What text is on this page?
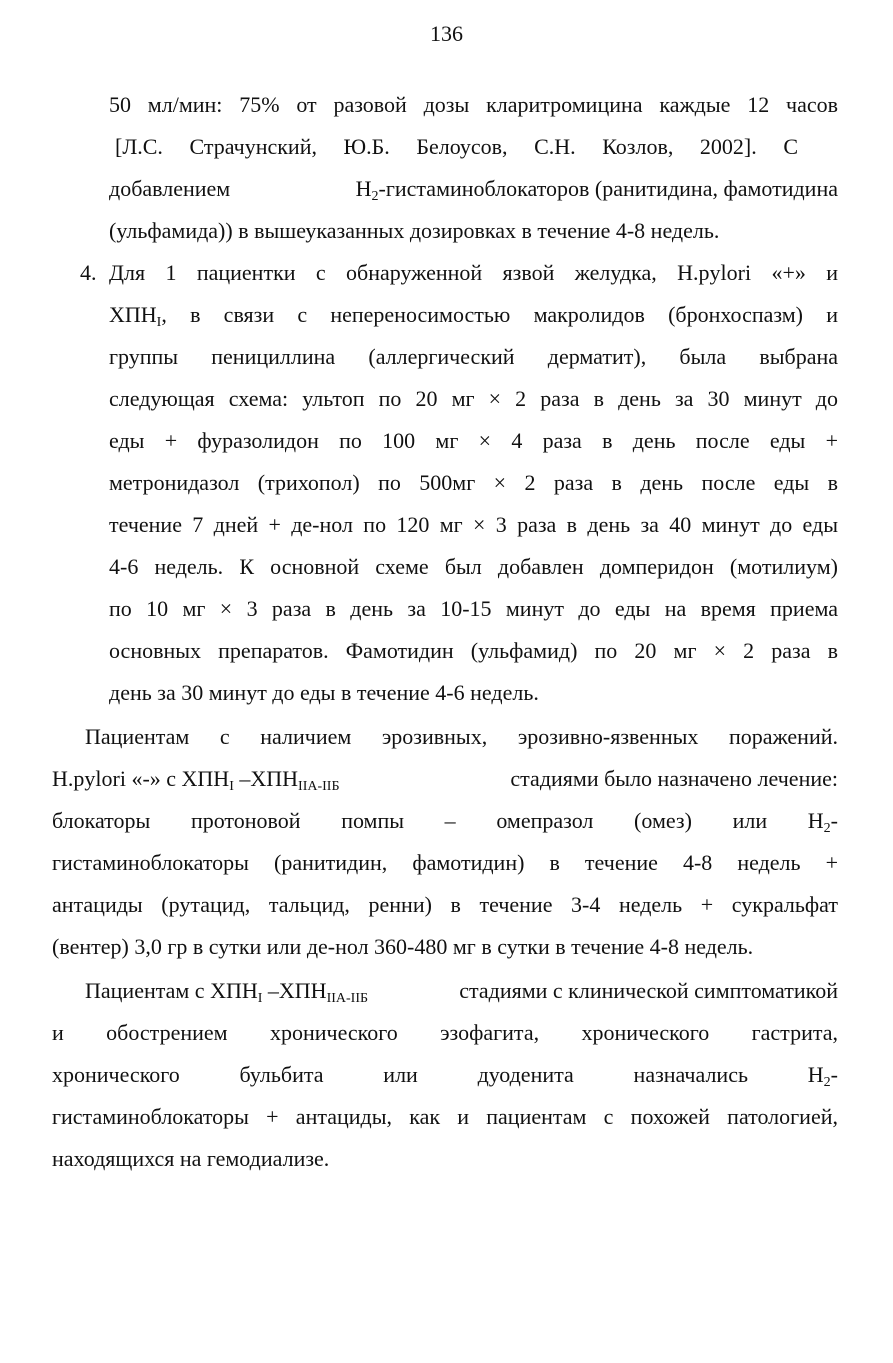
136
50 мл/мин: 75% от разовой дозы кларитромицина каждые 12 часов
[Л.С. Страчунский, Ю.Б. Белоусов, С.Н. Козлов, 2002]. С
добавлением	$H_2$-гистаминоблокаторов (ранитидина, фамотидина
(ульфамида)) в вышеуказанных дозировках в течение 4-8 недель.
4. Для 1 пациентки с обнаруженной язвой желудка, H.pylori «+» и
$ХПН_I$, в связи с непереносимостью макролидов (бронхоспазм) и
группы пенициллина (аллергический дерматит), была выбрана
следующая схема: ультоп по 20 мг × 2 раза в день за 30 минут до
еды + фуразолидон по 100 мг × 4 раза в день после еды +
метронидазол (трихопол) по 500мг × 2 раза в день после еды в
течение 7 дней + де-нол по 120 мг × 3 раза в день за 40 минут до еды
4-6 недель. К основной схеме был добавлен домперидон (мотилиум)
по 10 мг × 3 раза в день за 10-15 минут до еды на время приема
основных препаратов. Фамотидин (ульфамид) по 20 мг × 2 раза в
день за 30 минут до еды в течение 4-6 недель.
Пациентам с наличием эрозивных, эрозивно-язвенных поражений.
H.pylori «-» с $ХПН_I$ $-ХПН_{IIА-IIБ}$	стадиями было назначено лечение:
блокаторы протоновой помпы – омепразол (омез) или $H_2-$
гистаминоблокаторы (ранитидин, фамотидин) в течение 4-8 недель +
антациды (рутацид, тальцид, ренни) в течение 3-4 недель + сукральфат
(вентер) 3,0 гр в сутки или де-нол 360-480 мг в сутки в течение 4-8 недель.
Пациентам с $ХПН_I$ $-ХПН_{IIА-IIБ}$	стадиями с клинической симптоматикой
и обострением хронического эзофагита, хронического гастрита,
хронического бульбита или дуоденита назначались $H_2-$
гистаминоблокаторы + антациды, как и пациентам с похожей патологией,
находящихся на гемодиализе.
